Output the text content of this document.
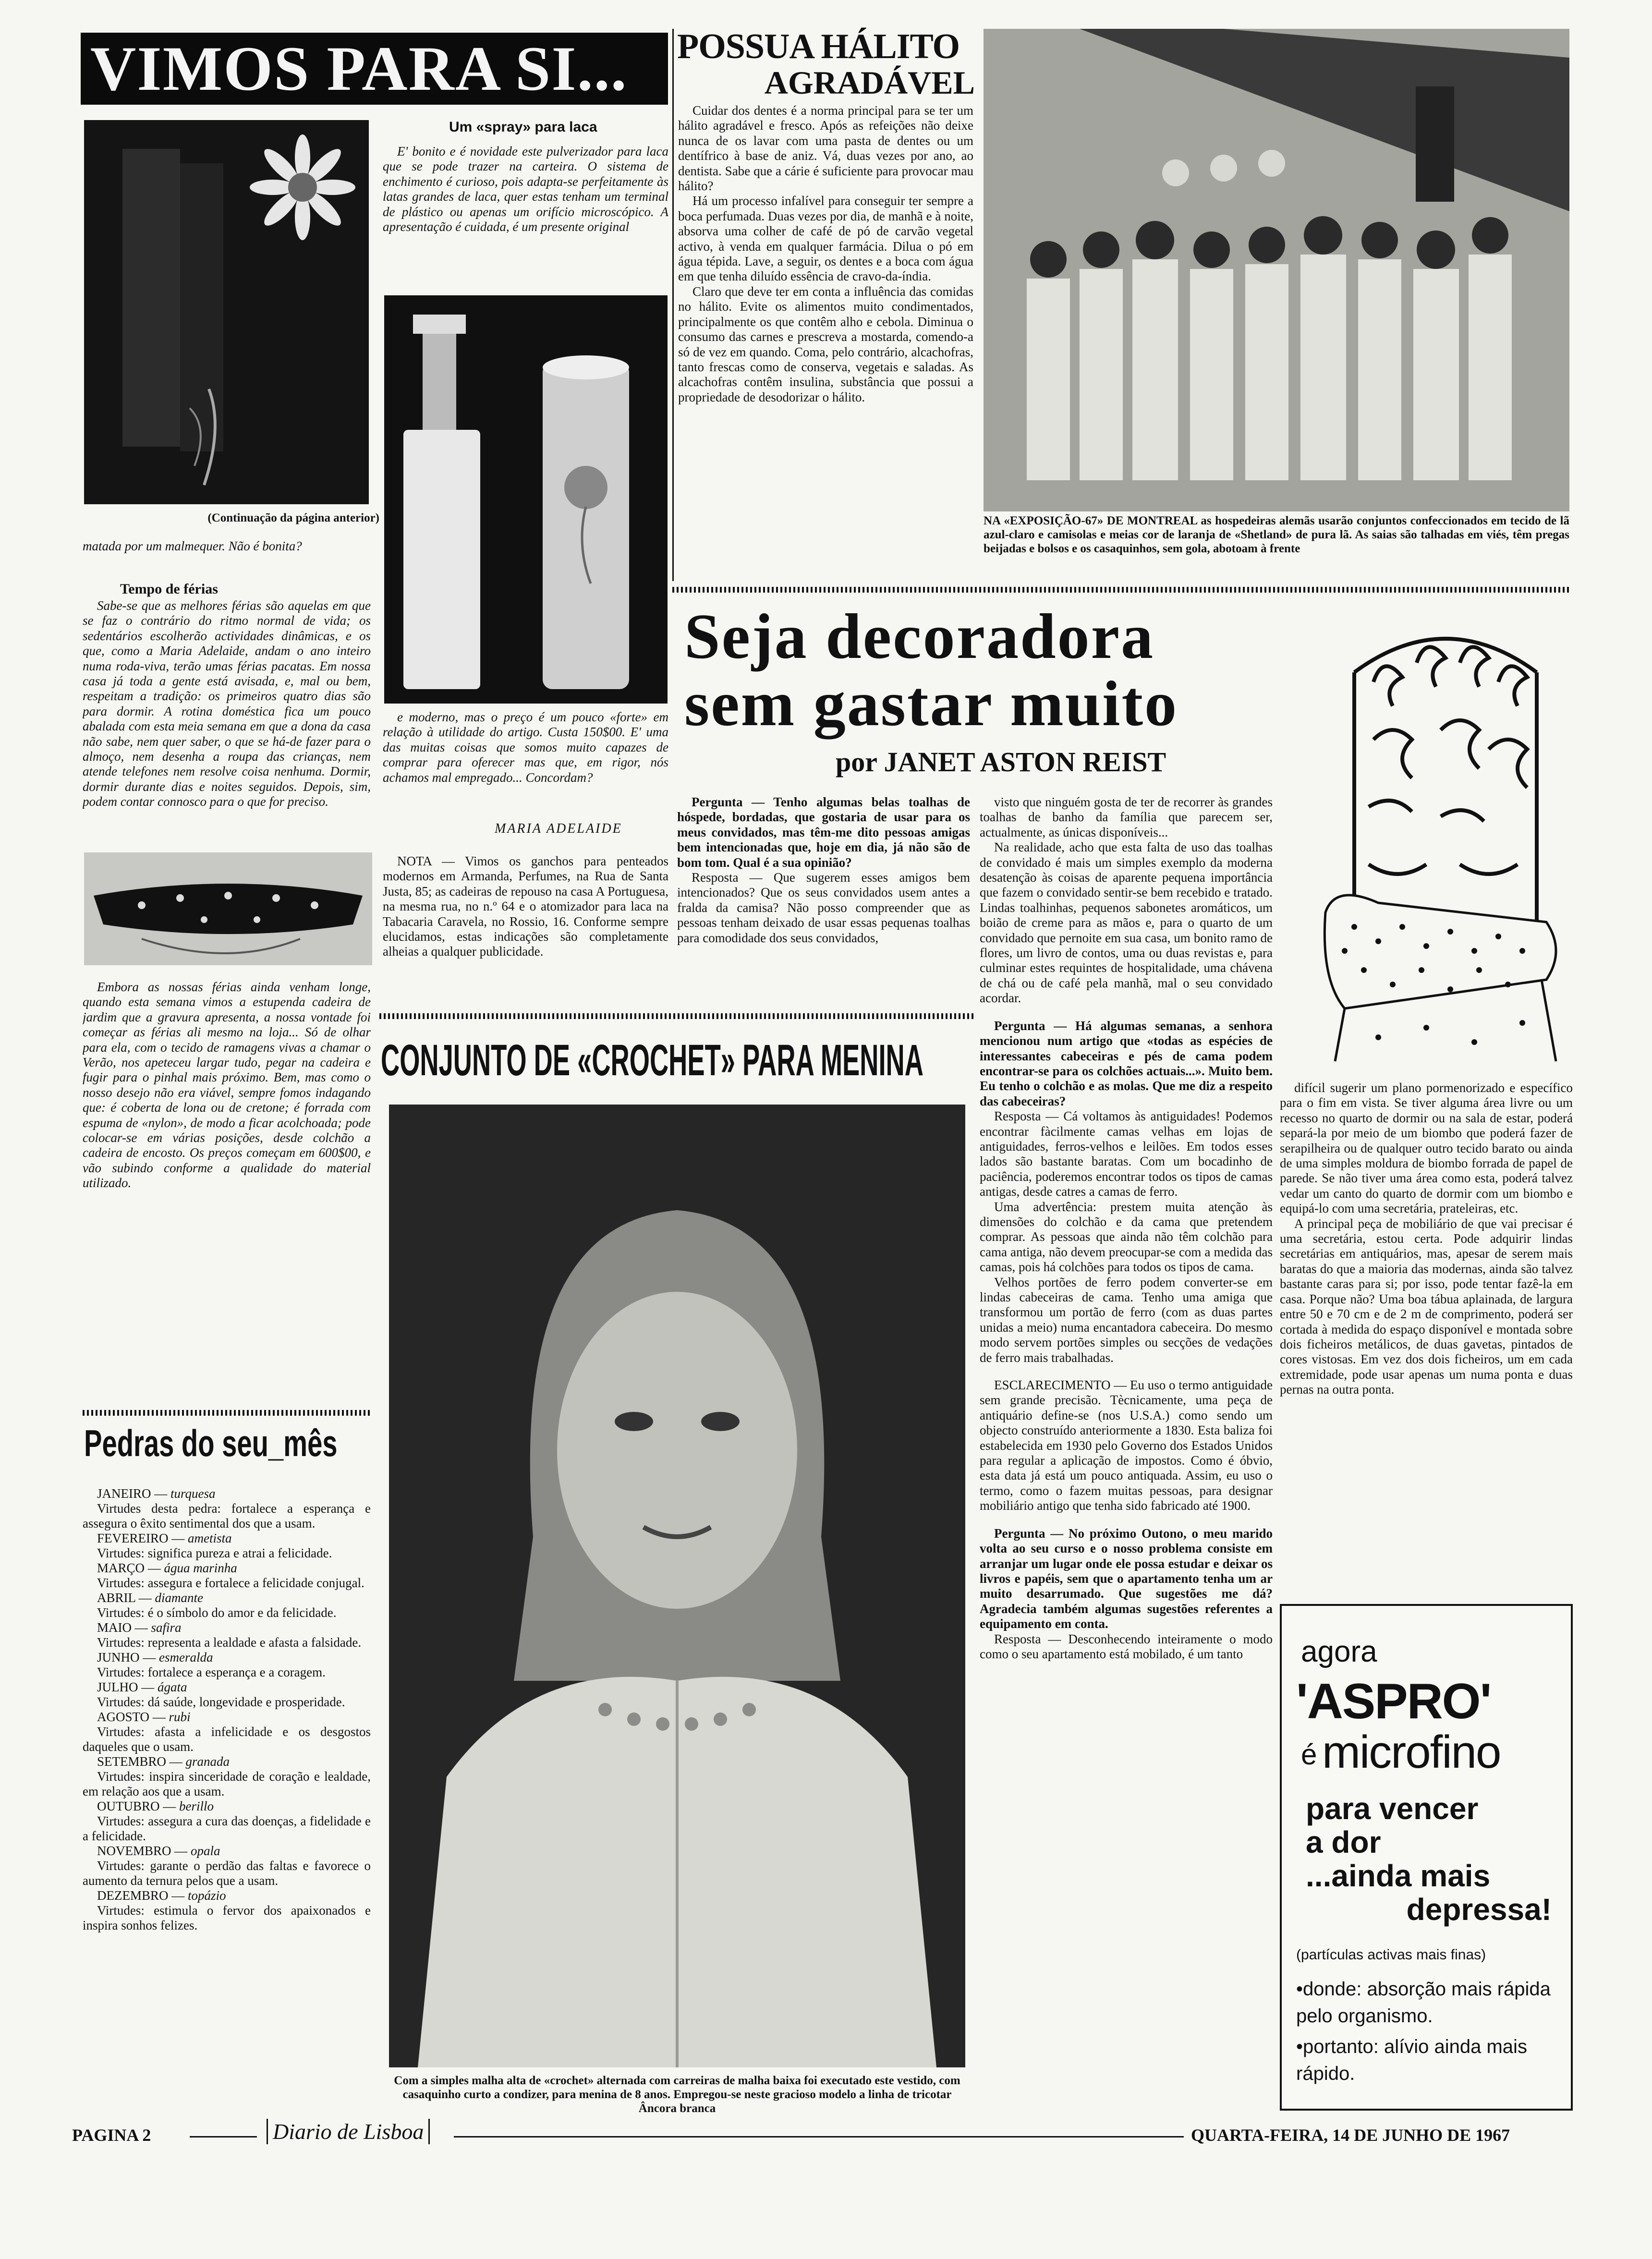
VIMOS PARA SI...
(Continuação da página anterior)
matada por um malmequer. Não é bonita?
Tempo de férias

Sabe-se que as melhores férias são aquelas em que se faz o contrário do ritmo normal de vida; os sedentários escolherão actividades dinâmicas, e os que, como a Maria Adelaide, andam o ano inteiro numa roda-viva, terão umas férias pacatas. Em nossa casa já toda a gente está avisada, e, mal ou bem, respeitam a tradição: os primeiros quatro dias são para dormir. A rotina doméstica fica um pouco abalada com esta meia semana em que a dona da casa não sabe, nem quer saber, o que se há-de fazer para o almoço, nem desenha a roupa das crianças, nem atende telefones nem resolve coisa nenhuma. Dormir, dormir durante dias e noites seguidos. Depois, sim, podem contar connosco para o que for preciso.

Embora as nossas férias ainda venham longe, quando esta semana vimos a estupenda cadeira de jardim que a gravura apresenta, a nossa vontade foi começar as férias ali mesmo na loja... Só de olhar para ela, com o tecido de ramagens vivas a chamar o Verão, nos apeteceu largar tudo, pegar na cadeira e fugir para o pinhal mais próximo. Bem, mas como o nosso desejo não era viável, sempre fomos indagando que: é coberta de lona ou de cretone; é forrada com espuma de «nylon», de modo a ficar acolchoada; pode colocar-se em várias posições, desde colchão a cadeira de encosto. Os preços começam em 600$00, e vão subindo conforme a qualidade do material utilizado.

Um «spray» para laca

E' bonito e é novidade este pulverizador para laca que se pode trazer na carteira. O sistema de enchimento é curioso, pois adapta-se perfeitamente às latas grandes de laca, quer estas tenham um terminal de plástico ou apenas um orifício microscópico. A apresentação é cuidada, é um presente original

e moderno, mas o preço é um pouco «forte» em relação à utilidade do artigo. Custa 150$00. E' uma das muitas coisas que somos muito capazes de comprar para oferecer mas que, em rigor, nós achamos mal empregado... Concordam?

MARIA ADELAIDE

NOTA — Vimos os ganchos para penteados modernos em Armanda, Perfumes, na Rua de Santa Justa, 85; as cadeiras de repouso na casa A Portuguesa, na mesma rua, no n.º 64 e o atomizador para laca na Tabacaria Caravela, no Rossio, 16. Conforme sempre elucidamos, estas indicações são completamente alheias a qualquer publicidade.

Pedras do seu_mês
JANEIRO — turquesa

Virtudes desta pedra: fortalece a esperança e assegura o êxito sentimental dos que a usam.

FEVEREIRO — ametista

Virtudes: significa pureza e atrai a felicidade.

MARÇO — água marinha

Virtudes: assegura e fortalece a felicidade conjugal.

ABRIL — diamante

Virtudes: é o símbolo do amor e da felicidade.

MAIO — safira

Virtudes: representa a lealdade e afasta a falsidade.

JUNHO — esmeralda

Virtudes: fortalece a esperança e a coragem.

JULHO — ágata

Virtudes: dá saúde, longevidade e prosperidade.

AGOSTO — rubi

Virtudes: afasta a infelicidade e os desgostos daqueles que o usam.

SETEMBRO — granada

Virtudes: inspira sinceridade de coração e lealdade, em relação aos que a usam.

OUTUBRO — berillo

Virtudes: assegura a cura das doenças, a fidelidade e a felicidade.

NOVEMBRO — opala

Virtudes: garante o perdão das faltas e favorece o aumento da ternura pelos que a usam.

DEZEMBRO — topázio

Virtudes: estimula o fervor dos apaixonados e inspira sonhos felizes.

POSSUA HÁLITO
AGRADÁVEL

Cuidar dos dentes é a norma principal para se ter um hálito agradável e fresco. Após as refeições não deixe nunca de os lavar com uma pasta de dentes ou um dentífrico à base de aniz. Vá, duas vezes por ano, ao dentista. Sabe que a cárie é suficiente para provocar mau hálito?

Há um processo infalível para conseguir ter sempre a boca perfumada. Duas vezes por dia, de manhã e à noite, absorva uma colher de café de pó de carvão vegetal activo, à venda em qualquer farmácia. Dilua o pó em água tépida. Lave, a seguir, os dentes e a boca com água em que tenha diluído essência de cravo-da-índia.

Claro que deve ter em conta a influência das comidas no hálito. Evite os alimentos muito condimentados, principalmente os que contêm alho e cebola. Diminua o consumo das carnes e prescreva a mostarda, comendo-a só de vez em quando. Coma, pelo contrário, alcachofras, tanto frescas como de conserva, vegetais e saladas. As alcachofras contêm insulina, substância que possui a propriedade de desodorizar o hálito.

NA «EXPOSIÇÃO-67» DE MONTREAL as hospedeiras alemãs usarão conjuntos confeccionados em tecido de lã azul-claro e camisolas e meias cor de laranja de «Shetland» de pura lã. As saias são talhadas em viés, têm pregas beijadas e bolsos e os casaquinhos, sem gola, abotoam à frente
Seja decoradora
sem gastar muito
por JANET ASTON REIST

Pergunta — Tenho algumas belas toalhas de hóspede, bordadas, que gostaria de usar para os meus convidados, mas têm-me dito pessoas amigas bem intencionadas que, hoje em dia, já não são de bom tom. Qual é a sua opinião?

Resposta — Que sugerem esses amigos bem intencionados? Que os seus convidados usem antes a fralda da camisa? Não posso compreender que as pessoas tenham deixado de usar essas pequenas toalhas para comodidade dos seus convidados,

visto que ninguém gosta de ter de recorrer às grandes toalhas de banho da família que parecem ser, actualmente, as únicas disponíveis...

Na realidade, acho que esta falta de uso das toalhas de convidado é mais um simples exemplo da moderna desatenção às coisas de aparente pequena importância que fazem o convidado sentir-se bem recebido e tratado. Lindas toalhinhas, pequenos sabonetes aromáticos, um boião de creme para as mãos e, para o quarto de um convidado que pernoite em sua casa, um bonito ramo de flores, um livro de contos, uma ou duas revistas e, para culminar estes requintes de hospitalidade, uma chávena de chá ou de café pela manhã, mal o seu convidado acordar.

Pergunta — Há algumas semanas, a senhora mencionou num artigo que «todas as espécies de interessantes cabeceiras e pés de cama podem encontrar-se para os colchões actuais...». Muito bem. Eu tenho o colchão e as molas. Que me diz a respeito das cabeceiras?

Resposta — Cá voltamos às antiguidades! Podemos encontrar fàcilmente camas velhas em lojas de antiguidades, ferros-velhos e leilões. Em todos esses lados são bastante baratas. Com um bocadinho de paciência, poderemos encontrar todos os tipos de camas antigas, desde catres a camas de ferro.

Uma advertência: prestem muita atenção às dimensões do colchão e da cama que pretendem comprar. As pessoas que ainda não têm colchão para cama antiga, não devem preocupar-se com a medida das camas, pois há colchões para todos os tipos de cama.

Velhos portões de ferro podem converter-se em lindas cabeceiras de cama. Tenho uma amiga que transformou um portão de ferro (com as duas partes unidas a meio) numa encantadora cabeceira. Do mesmo modo servem portões simples ou secções de vedações de ferro mais trabalhadas.

ESCLARECIMENTO — Eu uso o termo antiguidade sem grande precisão. Tècnicamente, uma peça de antiquário define-se (nos U.S.A.) como sendo um objecto construído anteriormente a 1830. Esta baliza foi estabelecida em 1930 pelo Governo dos Estados Unidos para regular a aplicação de impostos. Como é óbvio, esta data já está um pouco antiquada. Assim, eu uso o termo, como o fazem muitas pessoas, para designar mobiliário antigo que tenha sido fabricado até 1900.

Pergunta — No próximo Outono, o meu marido volta ao seu curso e o nosso problema consiste em arranjar um lugar onde ele possa estudar e deixar os livros e papéis, sem que o apartamento tenha um ar muito desarrumado. Que sugestões me dá? Agradecia também algumas sugestões referentes a equipamento em conta.

Resposta — Desconhecendo inteiramente o modo como o seu apartamento está mobilado, é um tanto

difícil sugerir um plano pormenorizado e específico para o fim em vista. Se tiver alguma área livre ou um recesso no quarto de dormir ou na sala de estar, poderá separá-la por meio de um biombo que poderá fazer de serapilheira ou de qualquer outro tecido barato ou ainda de uma simples moldura de biombo forrada de papel de parede. Se não tiver uma área como esta, poderá talvez vedar um canto do quarto de dormir com um biombo e equipá-lo com uma secretária, prateleiras, etc.

A principal peça de mobiliário de que vai precisar é uma secretária, estou certa. Pode adquirir lindas secretárias em antiquários, mas, apesar de serem mais baratas do que a maioria das modernas, ainda são talvez bastante caras para si; por isso, pode tentar fazê-la em casa. Porque não? Uma boa tábua aplainada, de largura entre 50 e 70 cm e de 2 m de comprimento, poderá ser cortada à medida do espaço disponível e montada sobre dois ficheiros metálicos, de duas gavetas, pintados de cores vistosas. Em vez dos dois ficheiros, um em cada extremidade, pode usar apenas um numa ponta e duas pernas na outra ponta.

CONJUNTO DE «CROCHET» PARA MENINA
Com a simples malha alta de «crochet» alternada com carreiras de malha baixa foi executado este vestido, com casaquinho curto a condizer, para menina de 8 anos. Empregou-se neste gracioso modelo a linha de tricotar Âncora branca
agora
'ASPRO'
é microfino
para vencer
a dor
...ainda mais
depressa!
(partículas activas mais finas)
•donde: absorção mais rápida pelo organismo.
•portanto: alívio ainda mais rápido.
PAGINA 2	Diario de Lisboa	QUARTA-FEIRA, 14 DE JUNHO DE 1967
